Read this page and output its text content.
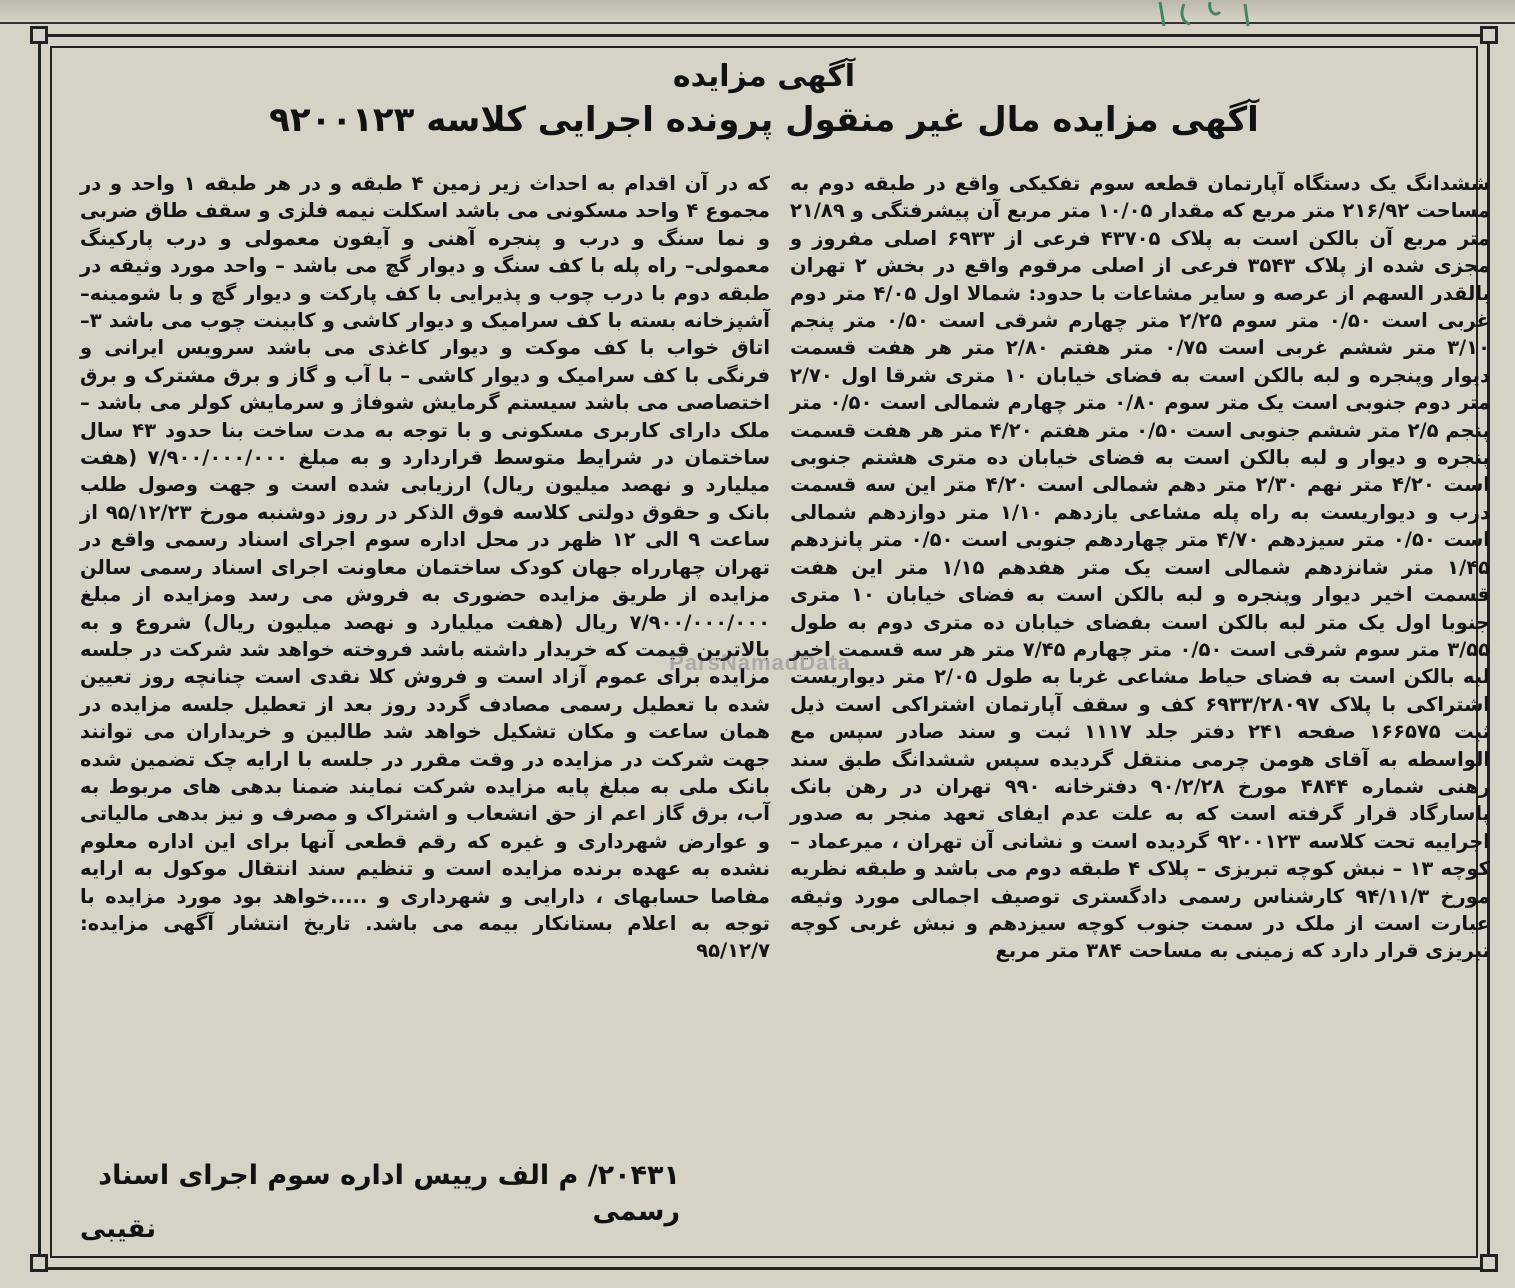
آگهی مزایده
آگهی مزایده مال غیر منقول پرونده اجرایی کلاسه ۹۲۰۰۱۲۳
ششدانگ یک دستگاه آپارتمان قطعه سوم تفکیکی واقع در طبقه دوم به مساحت ۲۱۶/۹۲ متر مربع که مقدار ۱۰/۰۵ متر مربع آن پیشرفتگی و ۲۱/۸۹ متر مربع آن بالکن است به پلاک ۴۳۷۰۵ فرعی از ۶۹۳۳ اصلی مفروز و مجزی شده از پلاک ۳۵۴۳ فرعی از اصلی مرقوم واقع در بخش ۲ تهران بالقدر السهم از عرصه و سایر مشاعات با حدود: شمالا اول ۴/۰۵ متر دوم غربی است ۰/۵۰ متر سوم ۲/۲۵ متر چهارم شرقی است ۰/۵۰ متر پنجم ۳/۱۰ متر ششم غربی است ۰/۷۵ متر هفتم ۲/۸۰ متر هر هفت قسمت دیوار وپنجره و لبه بالکن است به فضای خیابان ۱۰ متری شرقا اول ۲/۷۰ متر دوم جنوبی است یک متر سوم ۰/۸۰ متر چهارم شمالی است ۰/۵۰ متر پنجم ۲/۵ متر ششم جنوبی است ۰/۵۰ متر هفتم ۴/۲۰ متر هر هفت قسمت پنجره و دیوار و لبه بالکن است به فضای خیابان ده متری هشتم جنوبی است ۴/۲۰ متر نهم ۲/۳۰ متر دهم شمالی است ۴/۲۰ متر این سه قسمت درب و دیواریست به راه پله مشاعی یازدهم ۱/۱۰ متر دوازدهم شمالی است ۰/۵۰ متر سیزدهم ۴/۷۰ متر چهاردهم جنوبی است ۰/۵۰ متر پانزدهم ۱/۴۵ متر شانزدهم شمالی است یک متر هفدهم ۱/۱۵ متر این هفت قسمت اخیر دیوار وپنجره و لبه بالکن است به فضای خیابان ۱۰ متری جنوبا اول یک متر لبه بالکن است بفضای خیابان ده متری دوم به طول ۳/۵۵ متر سوم شرقی است ۰/۵۰ متر چهارم ۷/۴۵ متر هر سه قسمت اخیر لبه بالکن است به فضای حیاط مشاعی غربا به طول ۲/۰۵ متر دیواریست اشتراکی با پلاک ۶۹۳۳/۲۸۰۹۷ کف و سقف آپارتمان اشتراکی است ذیل ثبت ۱۶۶۵۷۵ صفحه ۲۴۱ دفتر جلد ۱۱۱۷ ثبت و سند صادر سپس مع الواسطه به آقای هومن چرمی منتقل گردیده سپس ششدانگ طبق سند رهنی شماره ۴۸۴۴ مورخ ۹۰/۲/۲۸ دفترخانه ۹۹۰ تهران در رهن بانک پاسارگاد قرار گرفته است که به علت عدم ایفای تعهد منجر به صدور اجراییه تحت کلاسه ۹۲۰۰۱۲۳ گردیده است و نشانی آن تهران ، میرعماد – کوچه ۱۳ – نبش کوچه تبریزی – پلاک ۴ طبقه دوم می باشد و طبقه نظریه مورخ ۹۴/۱۱/۳ کارشناس رسمی دادگستری توصیف اجمالی مورد وثیقه عبارت است از ملک در سمت جنوب کوچه سیزدهم و نبش غربی کوچه تبریزی قرار دارد که زمینی به مساحت ۳۸۴ متر مربع
که در آن اقدام به احداث زیر زمین ۴ طبقه و در هر طبقه ۱ واحد و در مجموع ۴ واحد مسکونی می باشد اسکلت نیمه فلزی و سقف طاق ضربی و نما سنگ و درب و پنجره آهنی و آیفون معمولی و درب پارکینگ معمولی– راه پله با کف سنگ و دیوار گچ می باشد – واحد مورد وثیقه در طبقه دوم با درب چوب و پذیرایی با کف پارکت و دیوار گچ و با شومینه– آشپزخانه بسته با کف سرامیک و دیوار کاشی و کابینت چوب می باشد ۳–اتاق خواب با کف موکت و دیوار کاغذی می باشد سرویس ایرانی و فرنگی با کف سرامیک و دیوار کاشی – با آب و گاز و برق مشترک و برق اختصاصی می باشد سیستم گرمایش شوفاژ و سرمایش کولر می باشد – ملک دارای کاربری مسکونی و با توجه به مدت ساخت بنا حدود ۴۳ سال ساختمان در شرایط متوسط قراردارد و به مبلغ ۷/۹۰۰/۰۰۰/۰۰۰ (هفت میلیارد و نهصد میلیون ریال) ارزیابی شده است و جهت وصول طلب بانک و حقوق دولتی کلاسه فوق الذکر در روز دوشنبه مورخ ۹۵/۱۲/۲۳ از ساعت ۹ الی ۱۲ ظهر در محل اداره سوم اجرای اسناد رسمی واقع در تهران چهارراه جهان کودک ساختمان معاونت اجرای اسناد رسمی سالن مزایده از طریق مزایده حضوری به فروش می رسد ومزایده از مبلغ ۷/۹۰۰/۰۰۰/۰۰۰ ریال (هفت میلیارد و نهصد میلیون ریال) شروع و به بالاترین قیمت که خریدار داشته باشد فروخته خواهد شد شرکت در جلسه مزایده برای عموم آزاد است و فروش کلا نقدی است چنانچه روز تعیین شده با تعطیل رسمی مصادف گردد روز بعد از تعطیل جلسه مزایده در همان ساعت و مکان تشکیل خواهد شد طالبین و خریداران می توانند جهت شرکت در مزایده در وقت مقرر در جلسه با ارایه چک تضمین شده بانک ملی به مبلغ پایه مزایده شرکت نمایند ضمنا بدهی های مربوط به آب، برق گاز اعم از حق انشعاب و اشتراک و مصرف و نیز بدهی مالیاتی و عوارض شهرداری و غیره که رقم قطعی آنها برای این اداره معلوم نشده به عهده برنده مزایده است و تنظیم سند انتقال موکول به ارایه مفاصا حسابهای ، دارایی و شهرداری و .....خواهد بود مورد مزایده با توجه به اعلام بستانکار بیمه می باشد. تاریخ انتشار آگهی مزایده: ۹۵/۱۲/۷
ParsNamadData
۲۰۴۳۱/ م الف رییس اداره سوم اجرای اسناد رسمی
نقیبی
